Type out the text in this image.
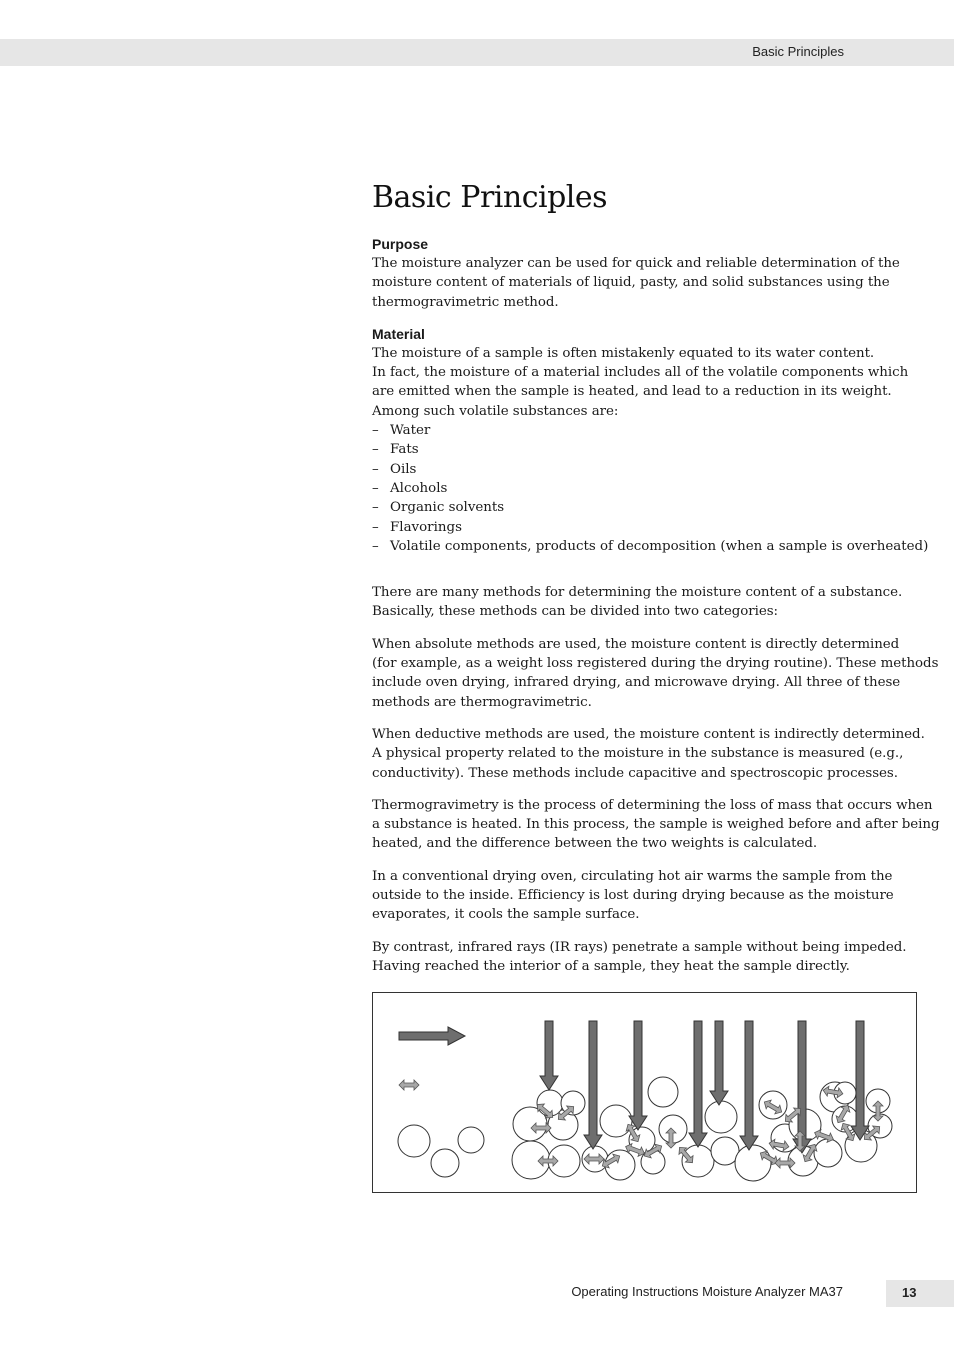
Basic Principles
Basic Principles
Purpose

The moisture analyzer can be used for quick and reliable determination of the
moisture content of materials of liquid, pasty, and solid substances using the
thermogravimetric method.

Material

The moisture of a sample is often mistakenly equated to its water content.
In fact, the moisture of a material includes all of the volatile components which
are emitted when the sample is heated, and lead to a reduction in its weight.
Among such volatile substances are:

– Water
– Fats
– Oils
– Alcohols
– Organic solvents
– Flavorings
– Volatile components, products of decomposition (when a sample is overheated)

There are many methods for determining the moisture content of a substance.
Basically, these methods can be divided into two categories:

When absolute methods are used, the moisture content is directly determined
(for example, as a weight loss registered during the drying routine). These methods
include oven drying, infrared drying, and microwave drying. All three of these
methods are thermogravimetric.

When deductive methods are used, the moisture content is indirectly determined.
A physical property related to the moisture in the substance is measured (e.g.,
conductivity). These methods include capacitive and spectroscopic processes.

Thermogravimetry is the process of determining the loss of mass that occurs when
a substance is heated. In this process, the sample is weighed before and after being
heated, and the difference between the two weights is calculated.

In a conventional drying oven, circulating hot air warms the sample from the
outside to the inside. Efficiency is lost during drying because as the moisture
evaporates, it cools the sample surface.

By contrast, infrared rays (IR rays) penetrate a sample without being impeded.
Having reached the interior of a sample, they heat the sample directly.

Operating Instructions Moisture Analyzer MA37	13
